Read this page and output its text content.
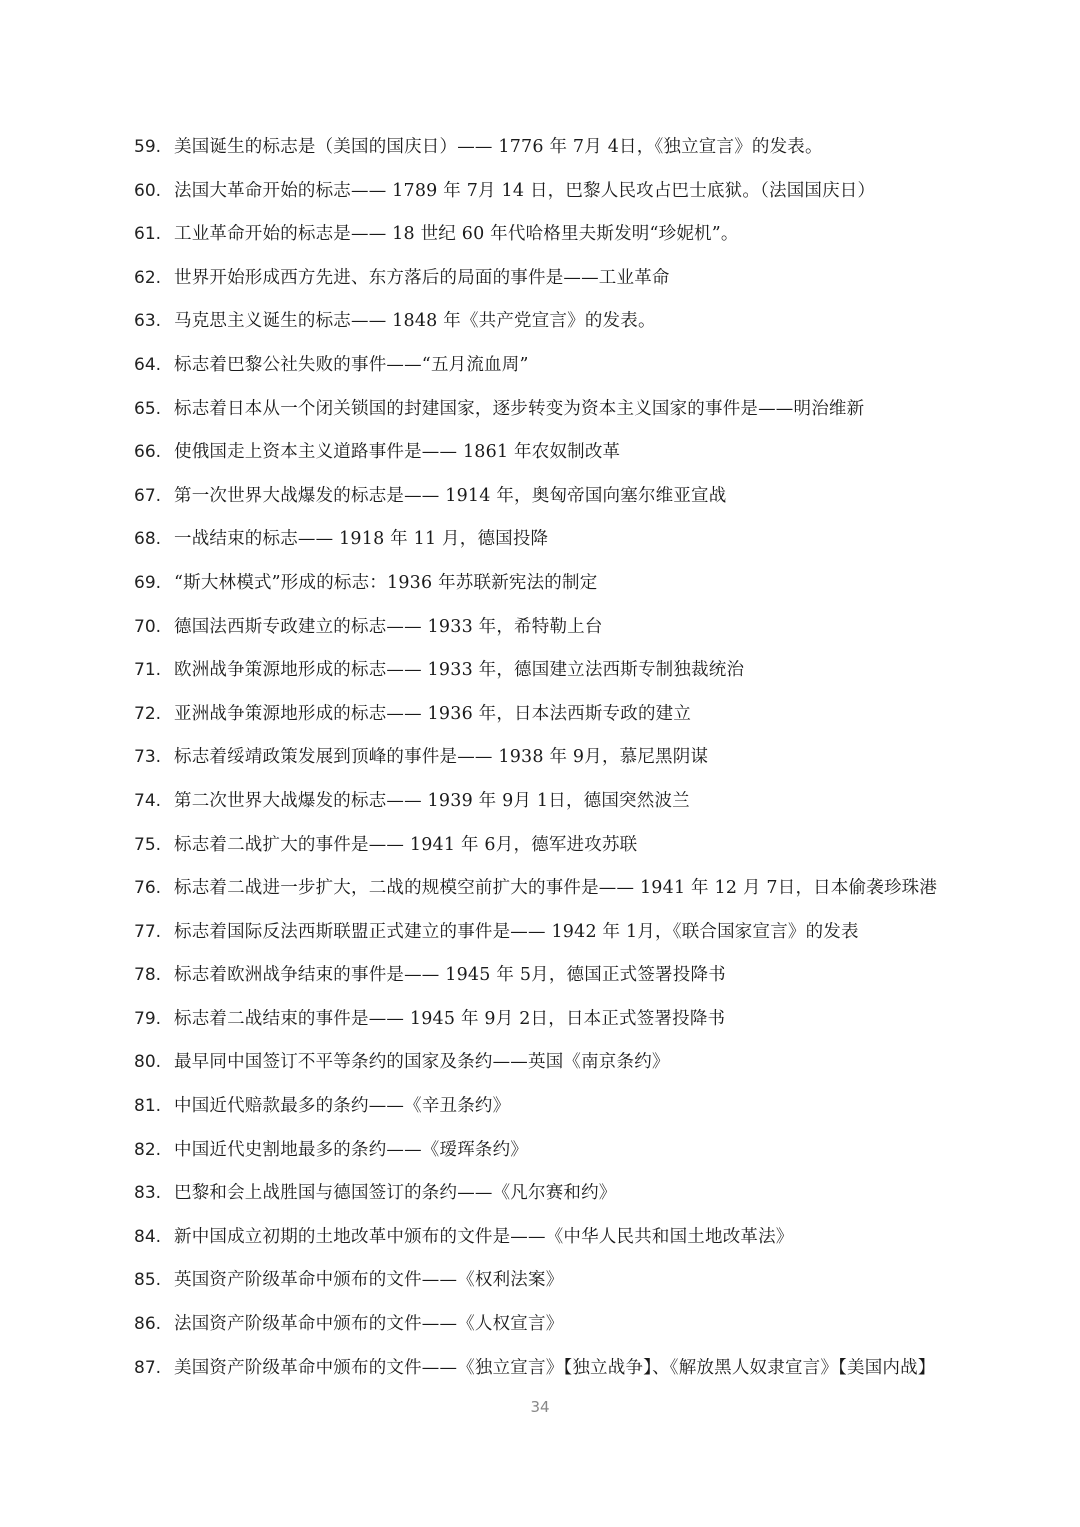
59. 美国诞生的标志是（美国的国庆日）—— 1776 年 7月 4日，《独立宣言》的发表。
60. 法国大革命开始的标志—— 1789 年 7月 14 日，巴黎人民攻占巴士底狱。（法国国庆日）
61. 工业革命开始的标志是—— 18 世纪 60 年代哈格里夫斯发明“珍妮机”。
62. 世界开始形成西方先进、东方落后的局面的事件是——工业革命
63. 马克思主义诞生的标志—— 1848 年《共产党宣言》的发表。
64. 标志着巴黎公社失败的事件——“五月流血周”
65. 标志着日本从一个闭关锁国的封建国家，逐步转变为资本主义国家的事件是——明治维新
66. 使俄国走上资本主义道路事件是—— 1861 年农奴制改革
67. 第一次世界大战爆发的标志是—— 1914 年，奥匈帝国向塞尔维亚宣战
68. 一战结束的标志—— 1918 年 11 月，德国投降
69. “斯大林模式”形成的标志：1936 年苏联新宪法的制定
70. 德国法西斯专政建立的标志—— 1933 年，希特勒上台
71. 欧洲战争策源地形成的标志—— 1933 年，德国建立法西斯专制独裁统治
72. 亚洲战争策源地形成的标志—— 1936 年，日本法西斯专政的建立
73. 标志着绥靖政策发展到顶峰的事件是—— 1938 年 9月，慕尼黑阴谋
74. 第二次世界大战爆发的标志—— 1939 年 9月 1日，德国突然波兰
75. 标志着二战扩大的事件是—— 1941 年 6月，德军进攻苏联
76. 标志着二战进一步扩大，二战的规模空前扩大的事件是—— 1941 年 12 月 7日，日本偷袭珍珠港
77. 标志着国际反法西斯联盟正式建立的事件是—— 1942 年 1月，《联合国家宣言》的发表
78. 标志着欧洲战争结束的事件是—— 1945 年 5月，德国正式签署投降书
79. 标志着二战结束的事件是—— 1945 年 9月 2日，日本正式签署投降书
80. 最早同中国签订不平等条约的国家及条约——英国《南京条约》
81. 中国近代赔款最多的条约——《辛丑条约》
82. 中国近代史割地最多的条约——《瑷珲条约》
83. 巴黎和会上战胜国与德国签订的条约——《凡尔赛和约》
84. 新中国成立初期的土地改革中颁布的文件是——《中华人民共和国土地改革法》
85. 英国资产阶级革命中颁布的文件——《权利法案》
86. 法国资产阶级革命中颁布的文件——《人权宣言》
87. 美国资产阶级革命中颁布的文件——《独立宣言》【独立战争】、《解放黑人奴隶宣言》【美国内战】
34
